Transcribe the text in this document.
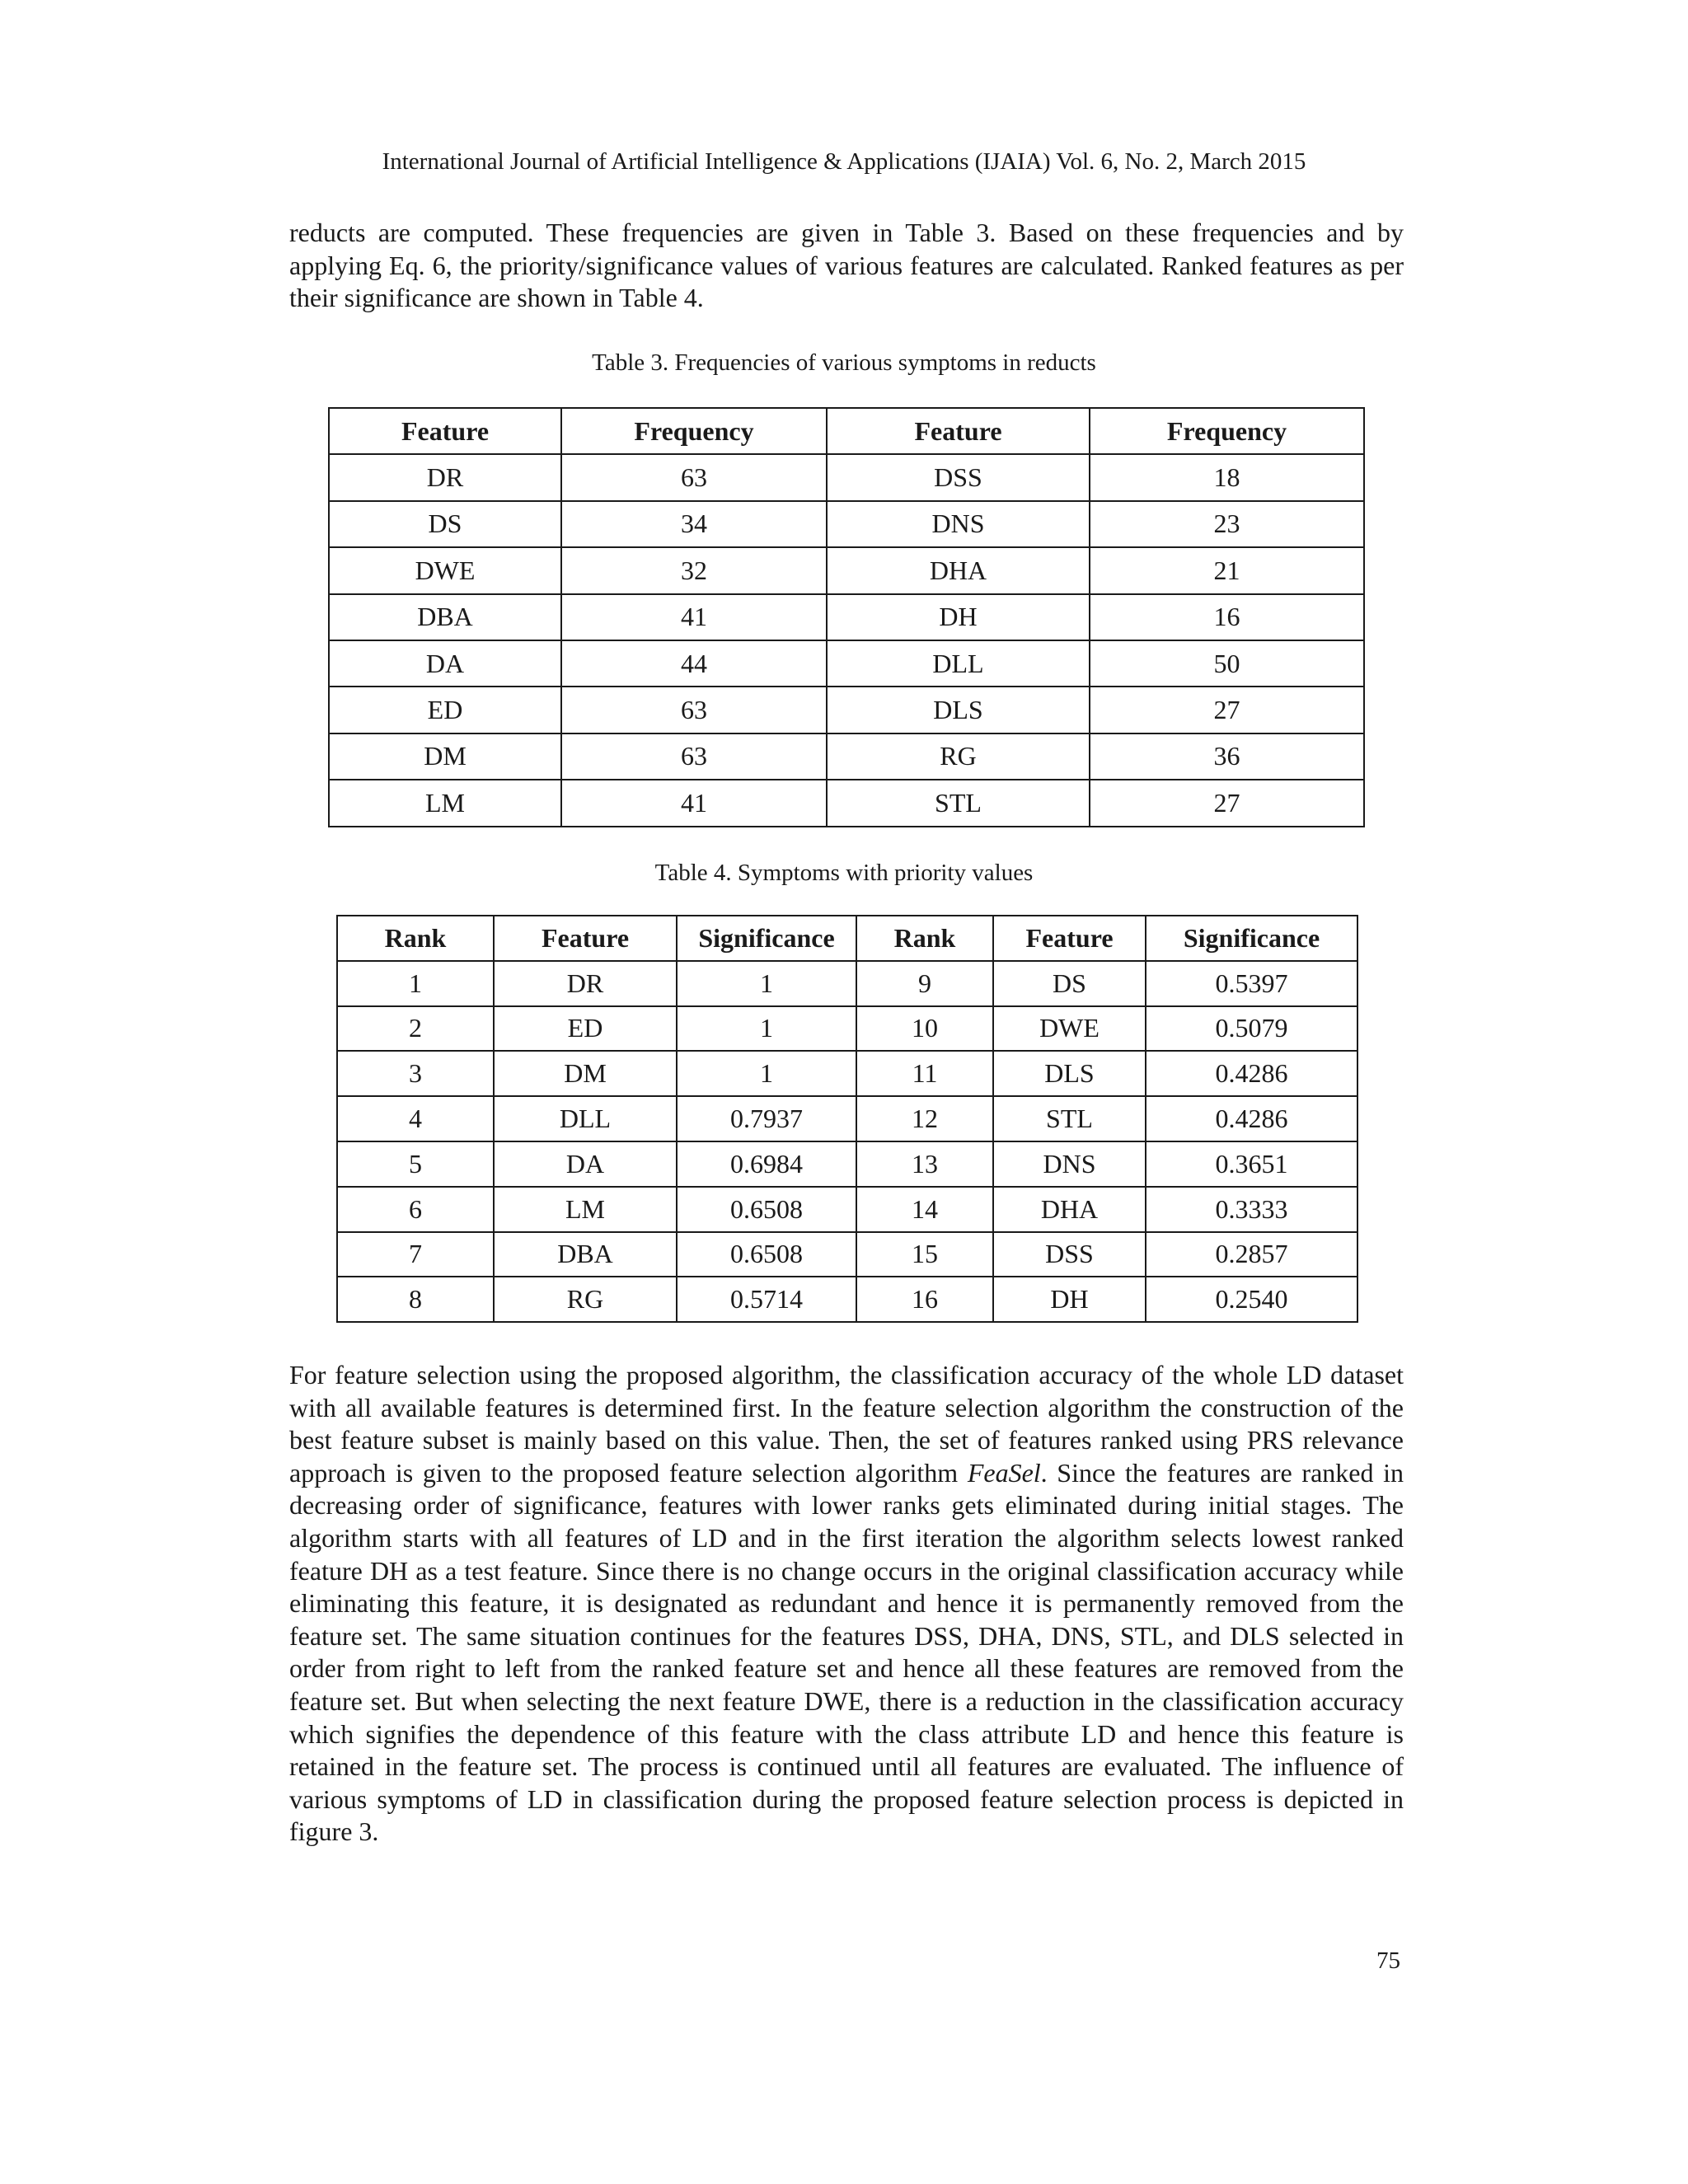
International Journal of Artificial Intelligence & Applications (IJAIA) Vol. 6, No. 2, March 2015

reducts are computed. These frequencies are given in Table 3. Based on these frequencies and by applying Eq. 6, the priority/significance values of various features are calculated. Ranked features as per their significance are shown in Table 4.

Table 3. Frequencies of various symptoms in reducts
Feature	Frequency	Feature	Frequency
DR	63	DSS	18
DS	34	DNS	23
DWE	32	DHA	21
DBA	41	DH	16
DA	44	DLL	50
ED	63	DLS	27
DM	63	RG	36
LM	41	STL	27
Table 4. Symptoms with priority values
Rank	Feature	Significance	Rank	Feature	Significance
1	DR	1	9	DS	0.5397
2	ED	1	10	DWE	0.5079
3	DM	1	11	DLS	0.4286
4	DLL	0.7937	12	STL	0.4286
5	DA	0.6984	13	DNS	0.3651
6	LM	0.6508	14	DHA	0.3333
7	DBA	0.6508	15	DSS	0.2857
8	RG	0.5714	16	DH	0.2540

For feature selection using the proposed algorithm, the classification accuracy of the whole LD dataset with all available features is determined first. In the feature selection algorithm the construction of the best feature subset is mainly based on this value. Then, the set of features ranked using PRS relevance approach is given to the proposed feature selection algorithm FeaSel. Since the features are ranked in decreasing order of significance, features with lower ranks gets eliminated during initial stages. The algorithm starts with all features of LD and in the first iteration the algorithm selects lowest ranked feature DH as a test feature. Since there is no change occurs in the original classification accuracy while eliminating this feature, it is designated as redundant and hence it is permanently removed from the feature set. The same situation continues for the features DSS, DHA, DNS, STL, and DLS selected in order from right to left from the ranked feature set and hence all these features are removed from the feature set. But when selecting the next feature DWE, there is a reduction in the classification accuracy which signifies the dependence of this feature with the class attribute LD and hence this feature is retained in the feature set. The process is continued until all features are evaluated. The influence of various symptoms of LD in classification during the proposed feature selection process is depicted in figure 3.

75
